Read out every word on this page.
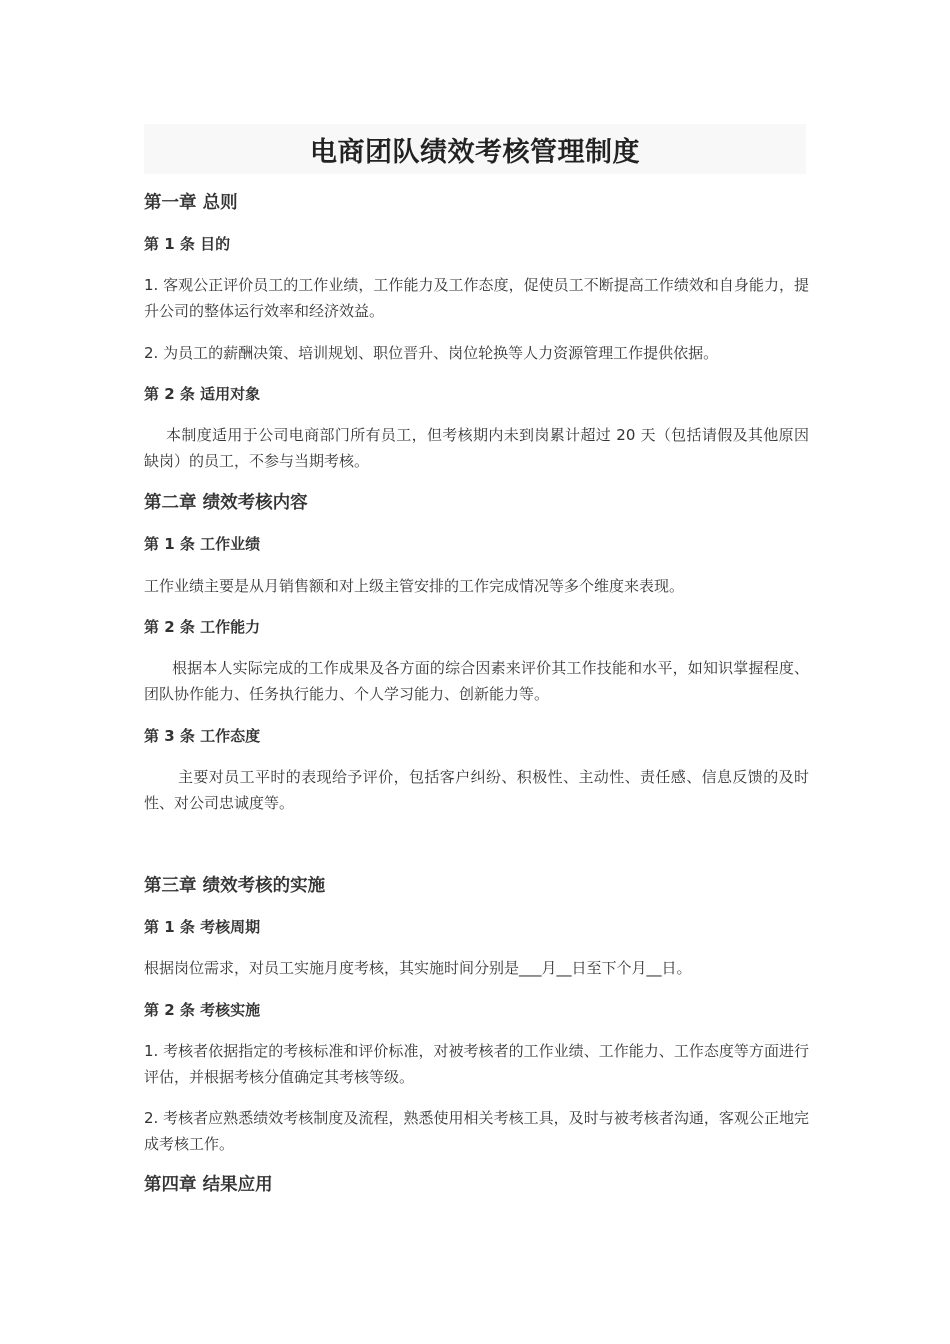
电商团队绩效考核管理制度

第一章 总则

第 1 条 目的

1. 客观公正评价员工的工作业绩，工作能力及工作态度，促使员工不断提高工作绩效和自身能力，提升公司的整体运行效率和经济效益。

2. 为员工的薪酬决策、培训规划、职位晋升、岗位轮换等人力资源管理工作提供依据。

第 2 条 适用对象

本制度适用于公司电商部门所有员工，但考核期内未到岗累计超过 20 天（包括请假及其他原因缺岗）的员工，不参与当期考核。

第二章 绩效考核内容

第 1 条 工作业绩

工作业绩主要是从月销售额和对上级主管安排的工作完成情况等多个维度来表现。

第 2 条 工作能力

根据本人实际完成的工作成果及各方面的综合因素来评价其工作技能和水平，如知识掌握程度、团队协作能力、任务执行能力、个人学习能力、创新能力等。

第 3 条 工作态度

主要对员工平时的表现给予评价，包括客户纠纷、积极性、主动性、责任感、信息反馈的及时性、对公司忠诚度等。

第三章 绩效考核的实施

第 1 条 考核周期

根据岗位需求，对员工实施月度考核，其实施时间分别是___月__日至下个月__日。

第 2 条 考核实施

1. 考核者依据指定的考核标准和评价标准，对被考核者的工作业绩、工作能力、工作态度等方面进行评估，并根据考核分值确定其考核等级。

2. 考核者应熟悉绩效考核制度及流程，熟悉使用相关考核工具，及时与被考核者沟通，客观公正地完成考核工作。

第四章 结果应用
